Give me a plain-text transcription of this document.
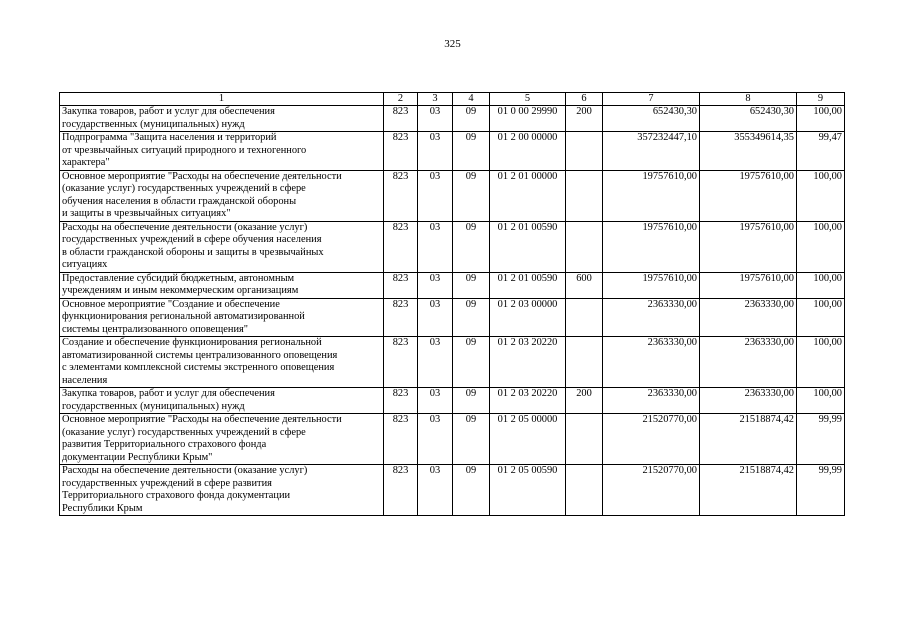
325
1	2	3	4	5	6	7	8	9
Закупка товаров, работ и услуг для обеспечения
государственных (муниципальных) нужд	823	03	09	01 0 00 29990	200	652430,30	652430,30	100,00
Подпрограмма "Защита населения и территорий
от чрезвычайных ситуаций природного и техногенного
характера"	823	03	09	01 2 00 00000		357232447,10	355349614,35	99,47
Основное мероприятие "Расходы на обеспечение деятельности
(оказание услуг) государственных учреждений в сфере
обучения населения в области гражданской обороны
и защиты в чрезвычайных ситуациях"	823	03	09	01 2 01 00000		19757610,00	19757610,00	100,00
Расходы на обеспечение деятельности (оказание услуг)
государственных учреждений в сфере обучения населения
в области гражданской обороны и защиты в чрезвычайных
ситуациях	823	03	09	01 2 01 00590		19757610,00	19757610,00	100,00
Предоставление субсидий бюджетным, автономным
учреждениям и иным некоммерческим организациям	823	03	09	01 2 01 00590	600	19757610,00	19757610,00	100,00
Основное мероприятие "Создание и обеспечение
функционирования региональной автоматизированной
системы централизованного оповещения"	823	03	09	01 2 03 00000		2363330,00	2363330,00	100,00
Создание и обеспечение функционирования региональной
автоматизированной системы централизованного оповещения
с элементами комплексной системы экстренного оповещения
населения	823	03	09	01 2 03 20220		2363330,00	2363330,00	100,00
Закупка товаров, работ и услуг для обеспечения
государственных (муниципальных) нужд	823	03	09	01 2 03 20220	200	2363330,00	2363330,00	100,00
Основное мероприятие "Расходы на обеспечение деятельности
(оказание услуг) государственных учреждений в сфере
развития Территориального страхового фонда
документации Республики Крым"	823	03	09	01 2 05 00000		21520770,00	21518874,42	99,99
Расходы на обеспечение деятельности (оказание услуг)
государственных учреждений в сфере развития
Территориального страхового фонда документации
Республики Крым	823	03	09	01 2 05 00590		21520770,00	21518874,42	99,99
